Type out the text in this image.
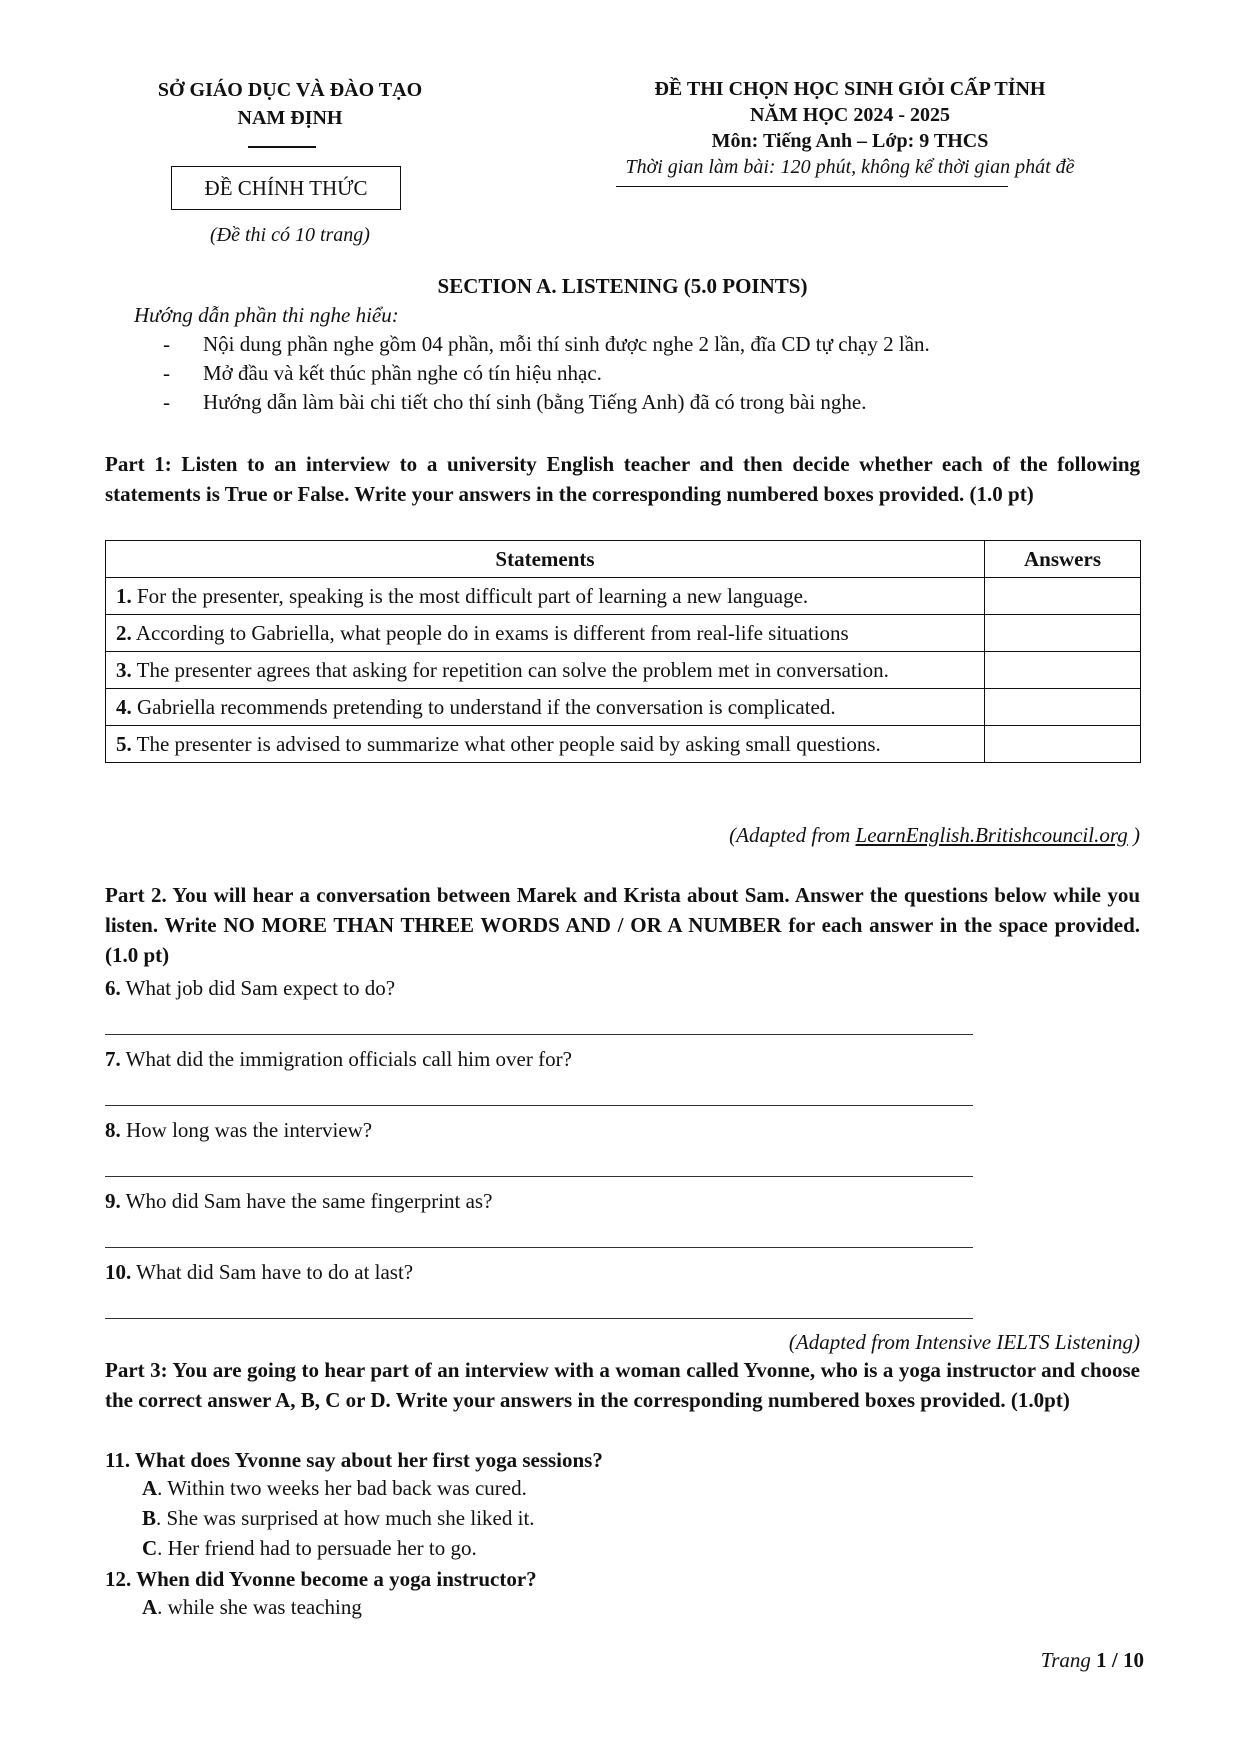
SỞ GIÁO DỤC VÀ ĐÀO TẠO
NAM ĐỊNH
ĐỀ CHÍNH THỨC
(Đề thi có 10 trang)
ĐỀ THI CHỌN HỌC SINH GIỎI CẤP TỈNH
NĂM HỌC 2024 - 2025
Môn: Tiếng Anh – Lớp: 9 THCS
Thời gian làm bài: 120 phút, không kể thời gian phát đề
SECTION A. LISTENING (5.0 POINTS)
Hướng dẫn phần thi nghe hiểu:
- Nội dung phần nghe gồm 04 phần, mỗi thí sinh được nghe 2 lần, đĩa CD tự chạy 2 lần.
- Mở đầu và kết thúc phần nghe có tín hiệu nhạc.
- Hướng dẫn làm bài chi tiết cho thí sinh (bằng Tiếng Anh) đã có trong bài nghe.
Part 1: Listen to an interview to a university English teacher and then decide whether each of the following statements is True or False. Write your answers in the corresponding numbered boxes provided. (1.0 pt)
Statements	Answers
1. For the presenter, speaking is the most difficult part of learning a new language.	
2. According to Gabriella, what people do in exams is different from real-life situations	
3. The presenter agrees that asking for repetition can solve the problem met in conversation.	
4. Gabriella recommends pretending to understand if the conversation is complicated.	
5. The presenter is advised to summarize what other people said by asking small questions.	
(Adapted from LearnEnglish.Britishcouncil.org )
Part 2. You will hear a conversation between Marek and Krista about Sam. Answer the questions below while you listen. Write NO MORE THAN THREE WORDS AND / OR A NUMBER for each answer in the space provided. (1.0 pt)
6. What job did Sam expect to do?
7. What did the immigration officials call him over for?
8. How long was the interview?
9. Who did Sam have the same fingerprint as?
10. What did Sam have to do at last?
(Adapted from Intensive IELTS Listening)
Part 3: You are going to hear part of an interview with a woman called Yvonne, who is a yoga instructor and choose the correct answer A, B, C or D. Write your answers in the corresponding numbered boxes provided. (1.0pt)
11. What does Yvonne say about her first yoga sessions?
A. Within two weeks her bad back was cured.
B. She was surprised at how much she liked it.
C. Her friend had to persuade her to go.
12. When did Yvonne become a yoga instructor?
A. while she was teaching
Trang 1 / 10
